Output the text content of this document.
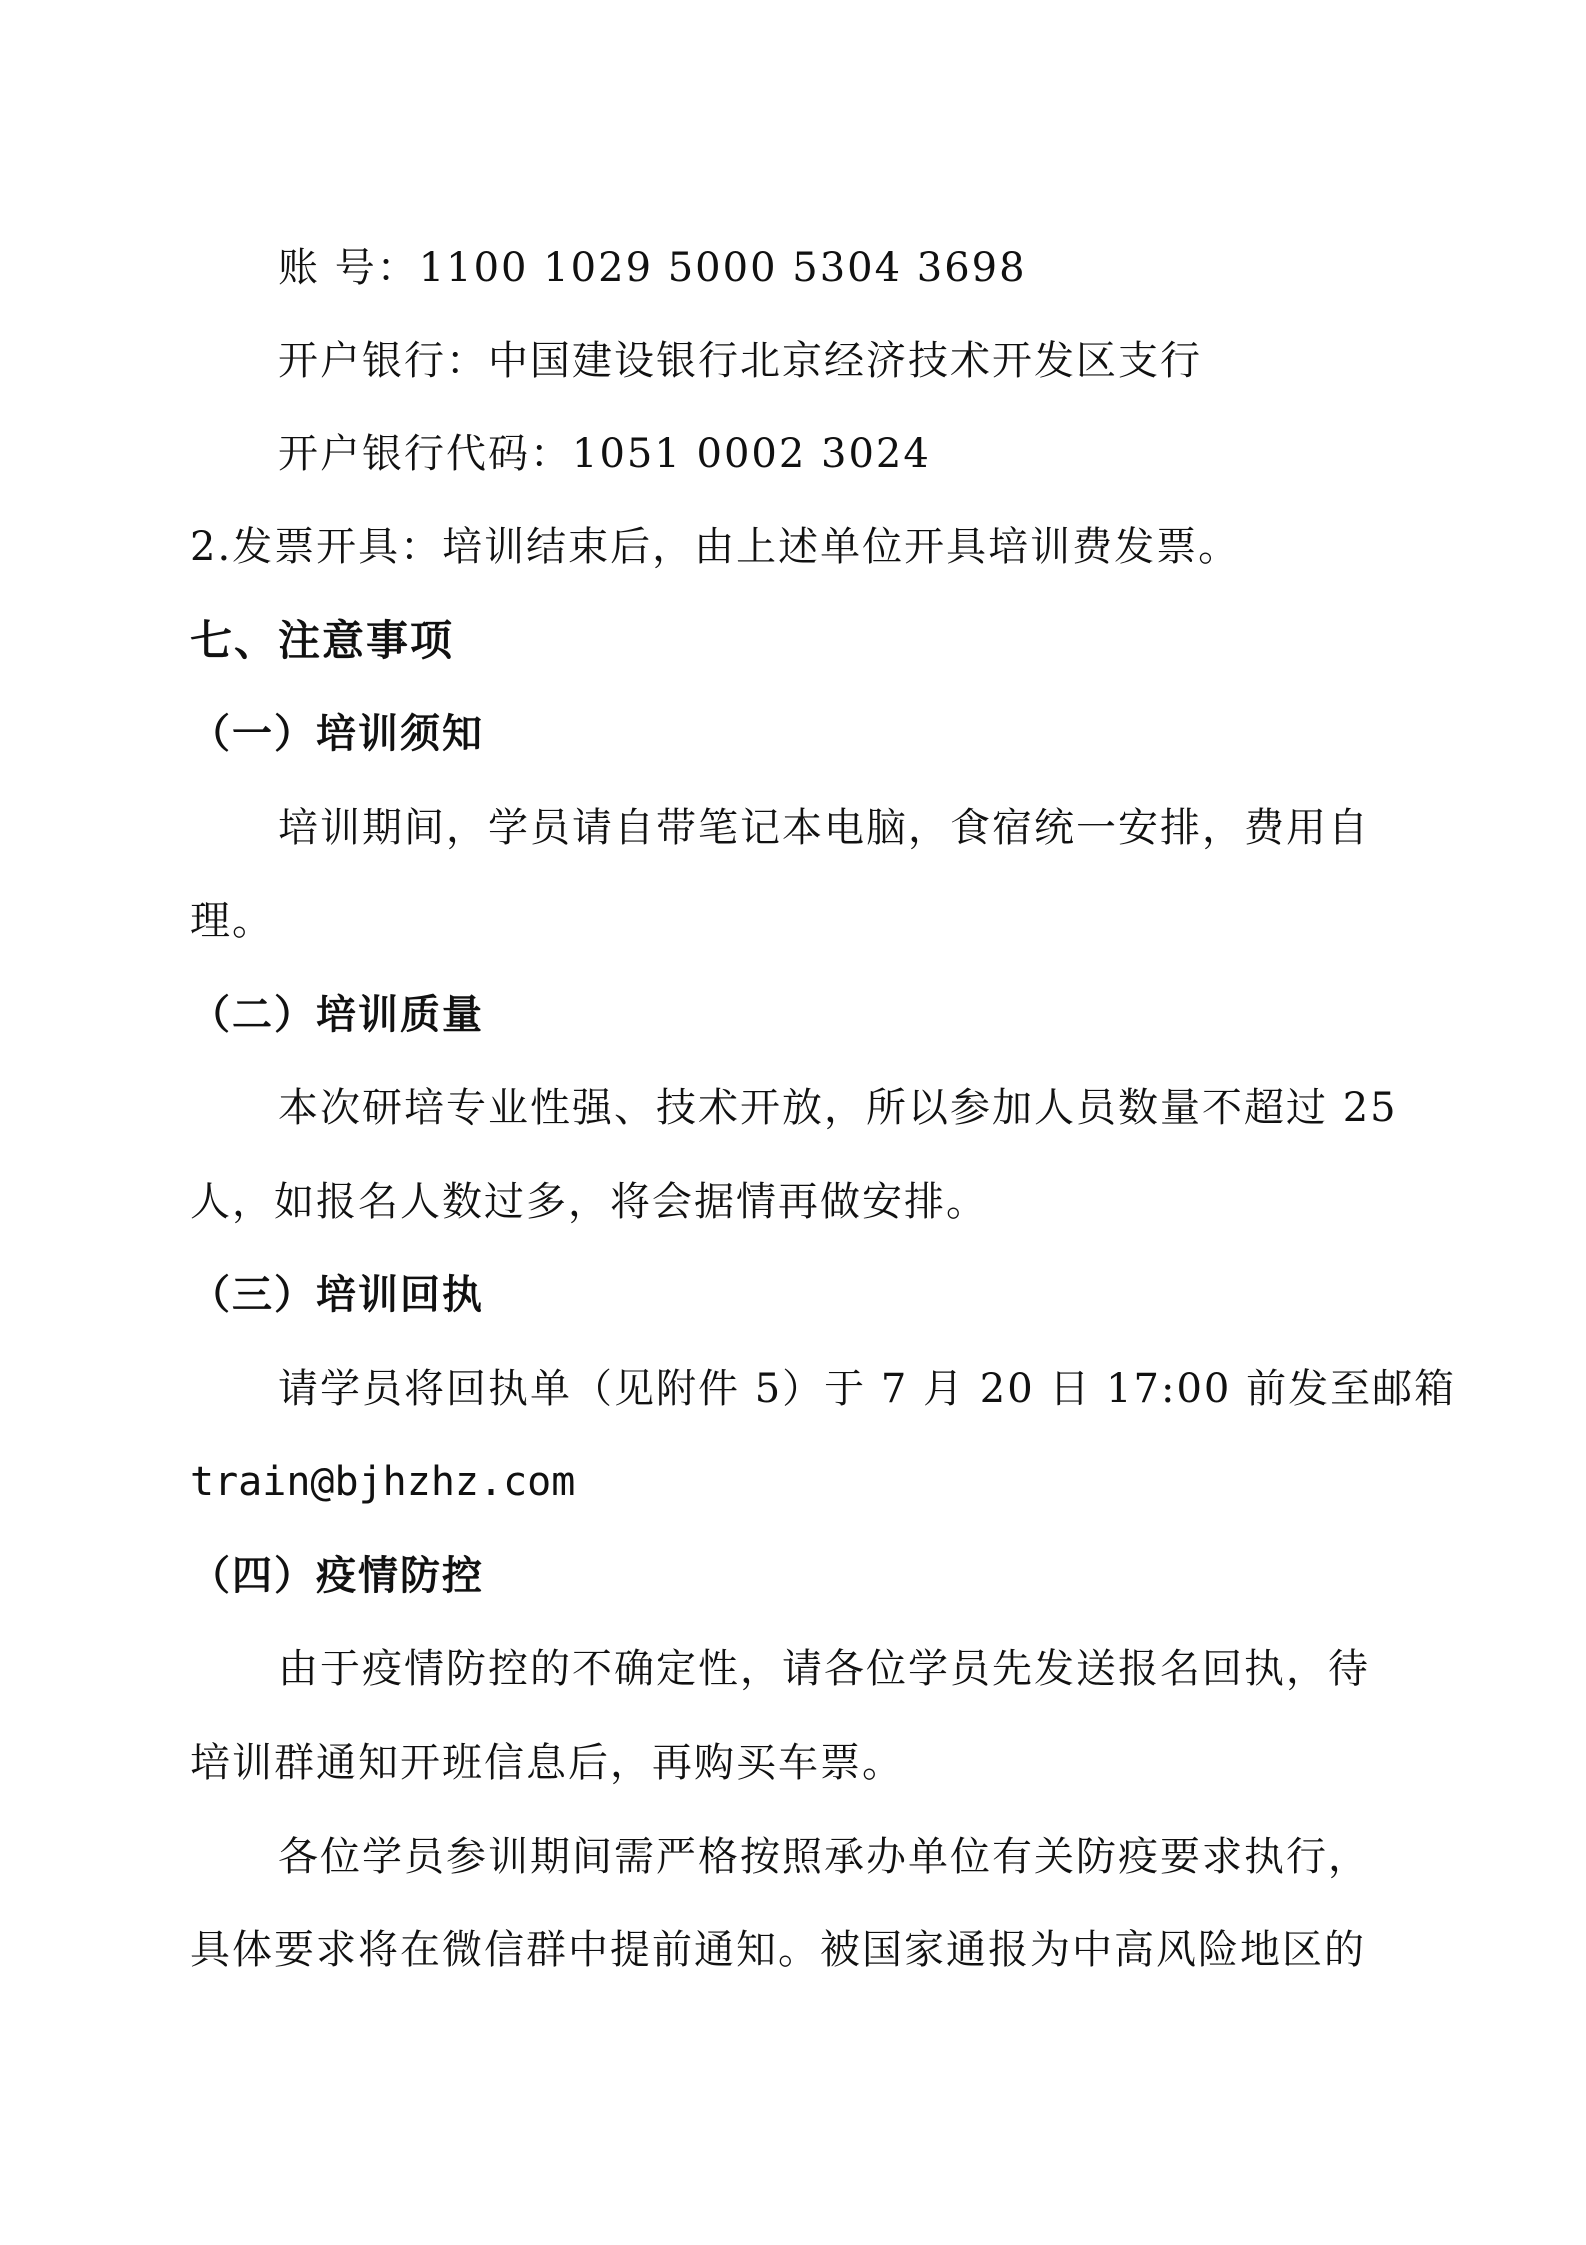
账 号：1100 1029 5000 5304 3698
开户银行：中国建设银行北京经济技术开发区支行
开户银行代码：1051 0002 3024
2.发票开具：培训结束后，由上述单位开具培训费发票。
七、注意事项
（一）培训须知
培训期间，学员请自带笔记本电脑，食宿统一安排，费用自
理。
（二）培训质量
本次研培专业性强、技术开放，所以参加人员数量不超过 25
人，如报名人数过多，将会据情再做安排。
（三）培训回执
请学员将回执单（见附件 5）于 7 月 20 日 17:00 前发至邮箱
train@bjhzhz.com
（四）疫情防控
由于疫情防控的不确定性，请各位学员先发送报名回执，待
培训群通知开班信息后，再购买车票。
各位学员参训期间需严格按照承办单位有关防疫要求执行，
具体要求将在微信群中提前通知。被国家通报为中高风险地区的
